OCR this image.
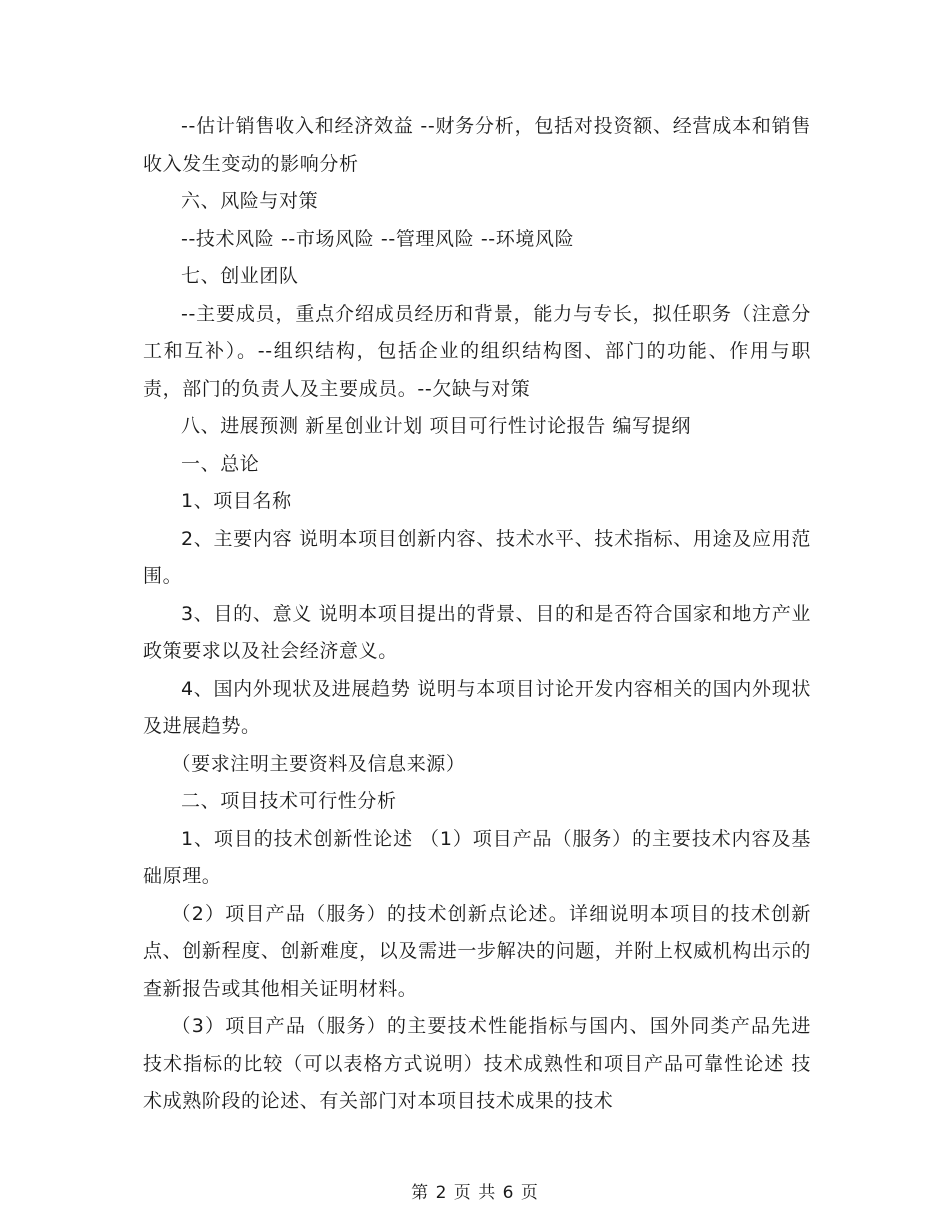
--估计销售收入和经济效益 --财务分析，包括对投资额、经营成本和销售收入发生变动的影响分析

六、风险与对策

--技术风险 --市场风险 --管理风险 --环境风险

七、创业团队

--主要成员，重点介绍成员经历和背景，能力与专长，拟任职务（注意分工和互补）。--组织结构，包括企业的组织结构图、部门的功能、作用与职责，部门的负责人及主要成员。--欠缺与对策

八、进展预测 新星创业计划 项目可行性讨论报告 编写提纲

一、总论

1、项目名称

2、主要内容 说明本项目创新内容、技术水平、技术指标、用途及应用范围。

3、目的、意义 说明本项目提出的背景、目的和是否符合国家和地方产业政策要求以及社会经济意义。

4、国内外现状及进展趋势 说明与本项目讨论开发内容相关的国内外现状及进展趋势。

（要求注明主要资料及信息来源）

二、项目技术可行性分析

1、项目的技术创新性论述 （1）项目产品（服务）的主要技术内容及基础原理。

（2）项目产品（服务）的技术创新点论述。详细说明本项目的技术创新点、创新程度、创新难度，以及需进一步解决的问题，并附上权威机构出示的查新报告或其他相关证明材料。

（3）项目产品（服务）的主要技术性能指标与国内、国外同类产品先进技术指标的比较（可以表格方式说明）技术成熟性和项目产品可靠性论述 技术成熟阶段的论述、有关部门对本项目技术成果的技术

第 2 页 共 6 页
